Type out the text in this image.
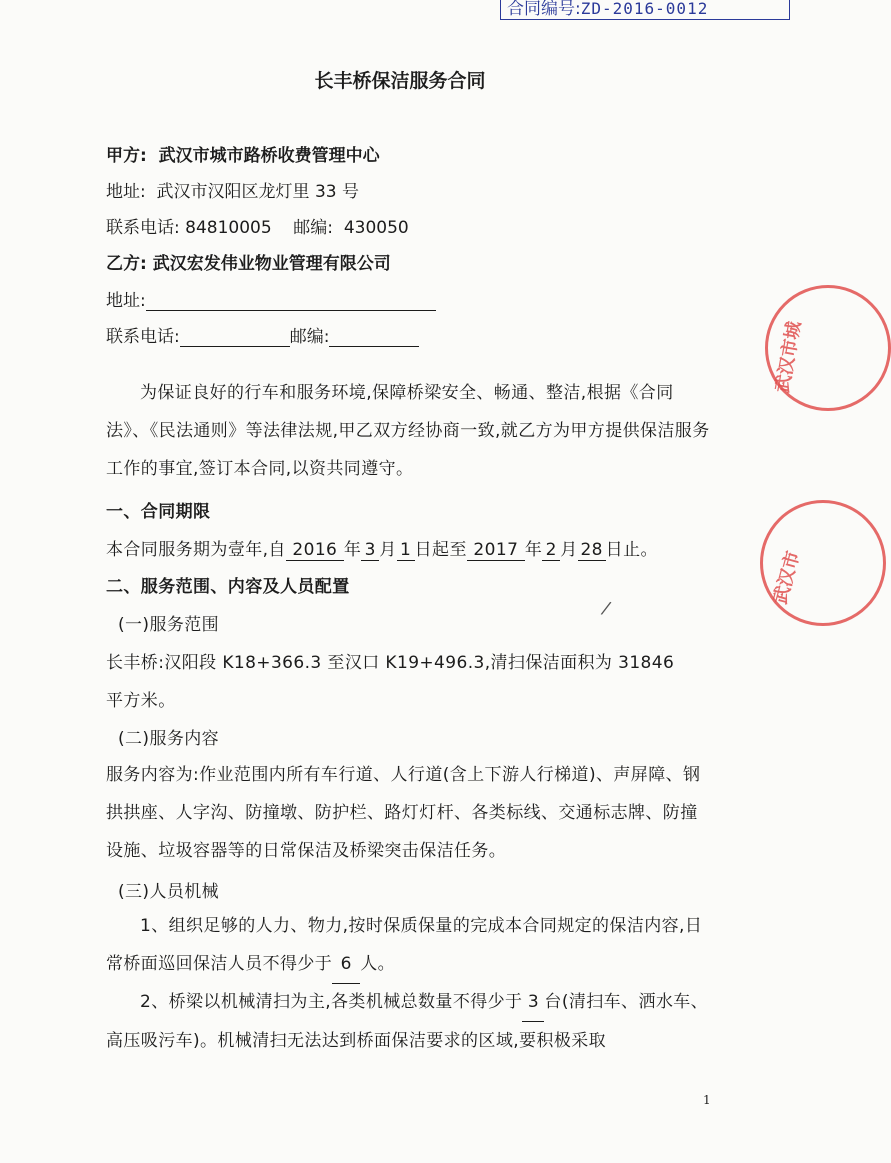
合同编号:ZD-2016-0012
长丰桥保洁服务合同
甲方: 武汉市城市路桥收费管理中心
地址: 武汉市汉阳区龙灯里 33 号
联系电话: 84810005 邮编: 430050
乙方: 武汉宏发伟业物业管理有限公司
地址:
联系电话:	邮编:
为保证良好的行车和服务环境,保障桥梁安全、畅通、整洁,根据《合同法》、《民法通则》等法律法规,甲乙双方经协商一致,就乙方为甲方提供保洁服务工作的事宜,签订本合同,以资共同遵守。
一、合同期限
本合同服务期为壹年,自 2016 年 3 月 1 日起至 2017 年 2 月 28 日止。
二、服务范围、内容及人员配置
(一)服务范围
长丰桥:汉阳段 K18+366.3 至汉口 K19+496.3,清扫保洁面积为 31846
平方米。
(二)服务内容
服务内容为:作业范围内所有车行道、人行道(含上下游人行梯道)、声屏障、钢拱拱座、人字沟、防撞墩、防护栏、路灯灯杆、各类标线、交通标志牌、防撞设施、垃圾容器等的日常保洁及桥梁突击保洁任务。
(三)人员机械
1、组织足够的人力、物力,按时保质保量的完成本合同规定的保洁内容,日常桥面巡回保洁人员不得少于 6 人。
2、桥梁以机械清扫为主,各类机械总数量不得少于 3 台(清扫车、洒水车、高压吸污车)。机械清扫无法达到桥面保洁要求的区域,要积极采取
1
武汉市城
武汉市
/
